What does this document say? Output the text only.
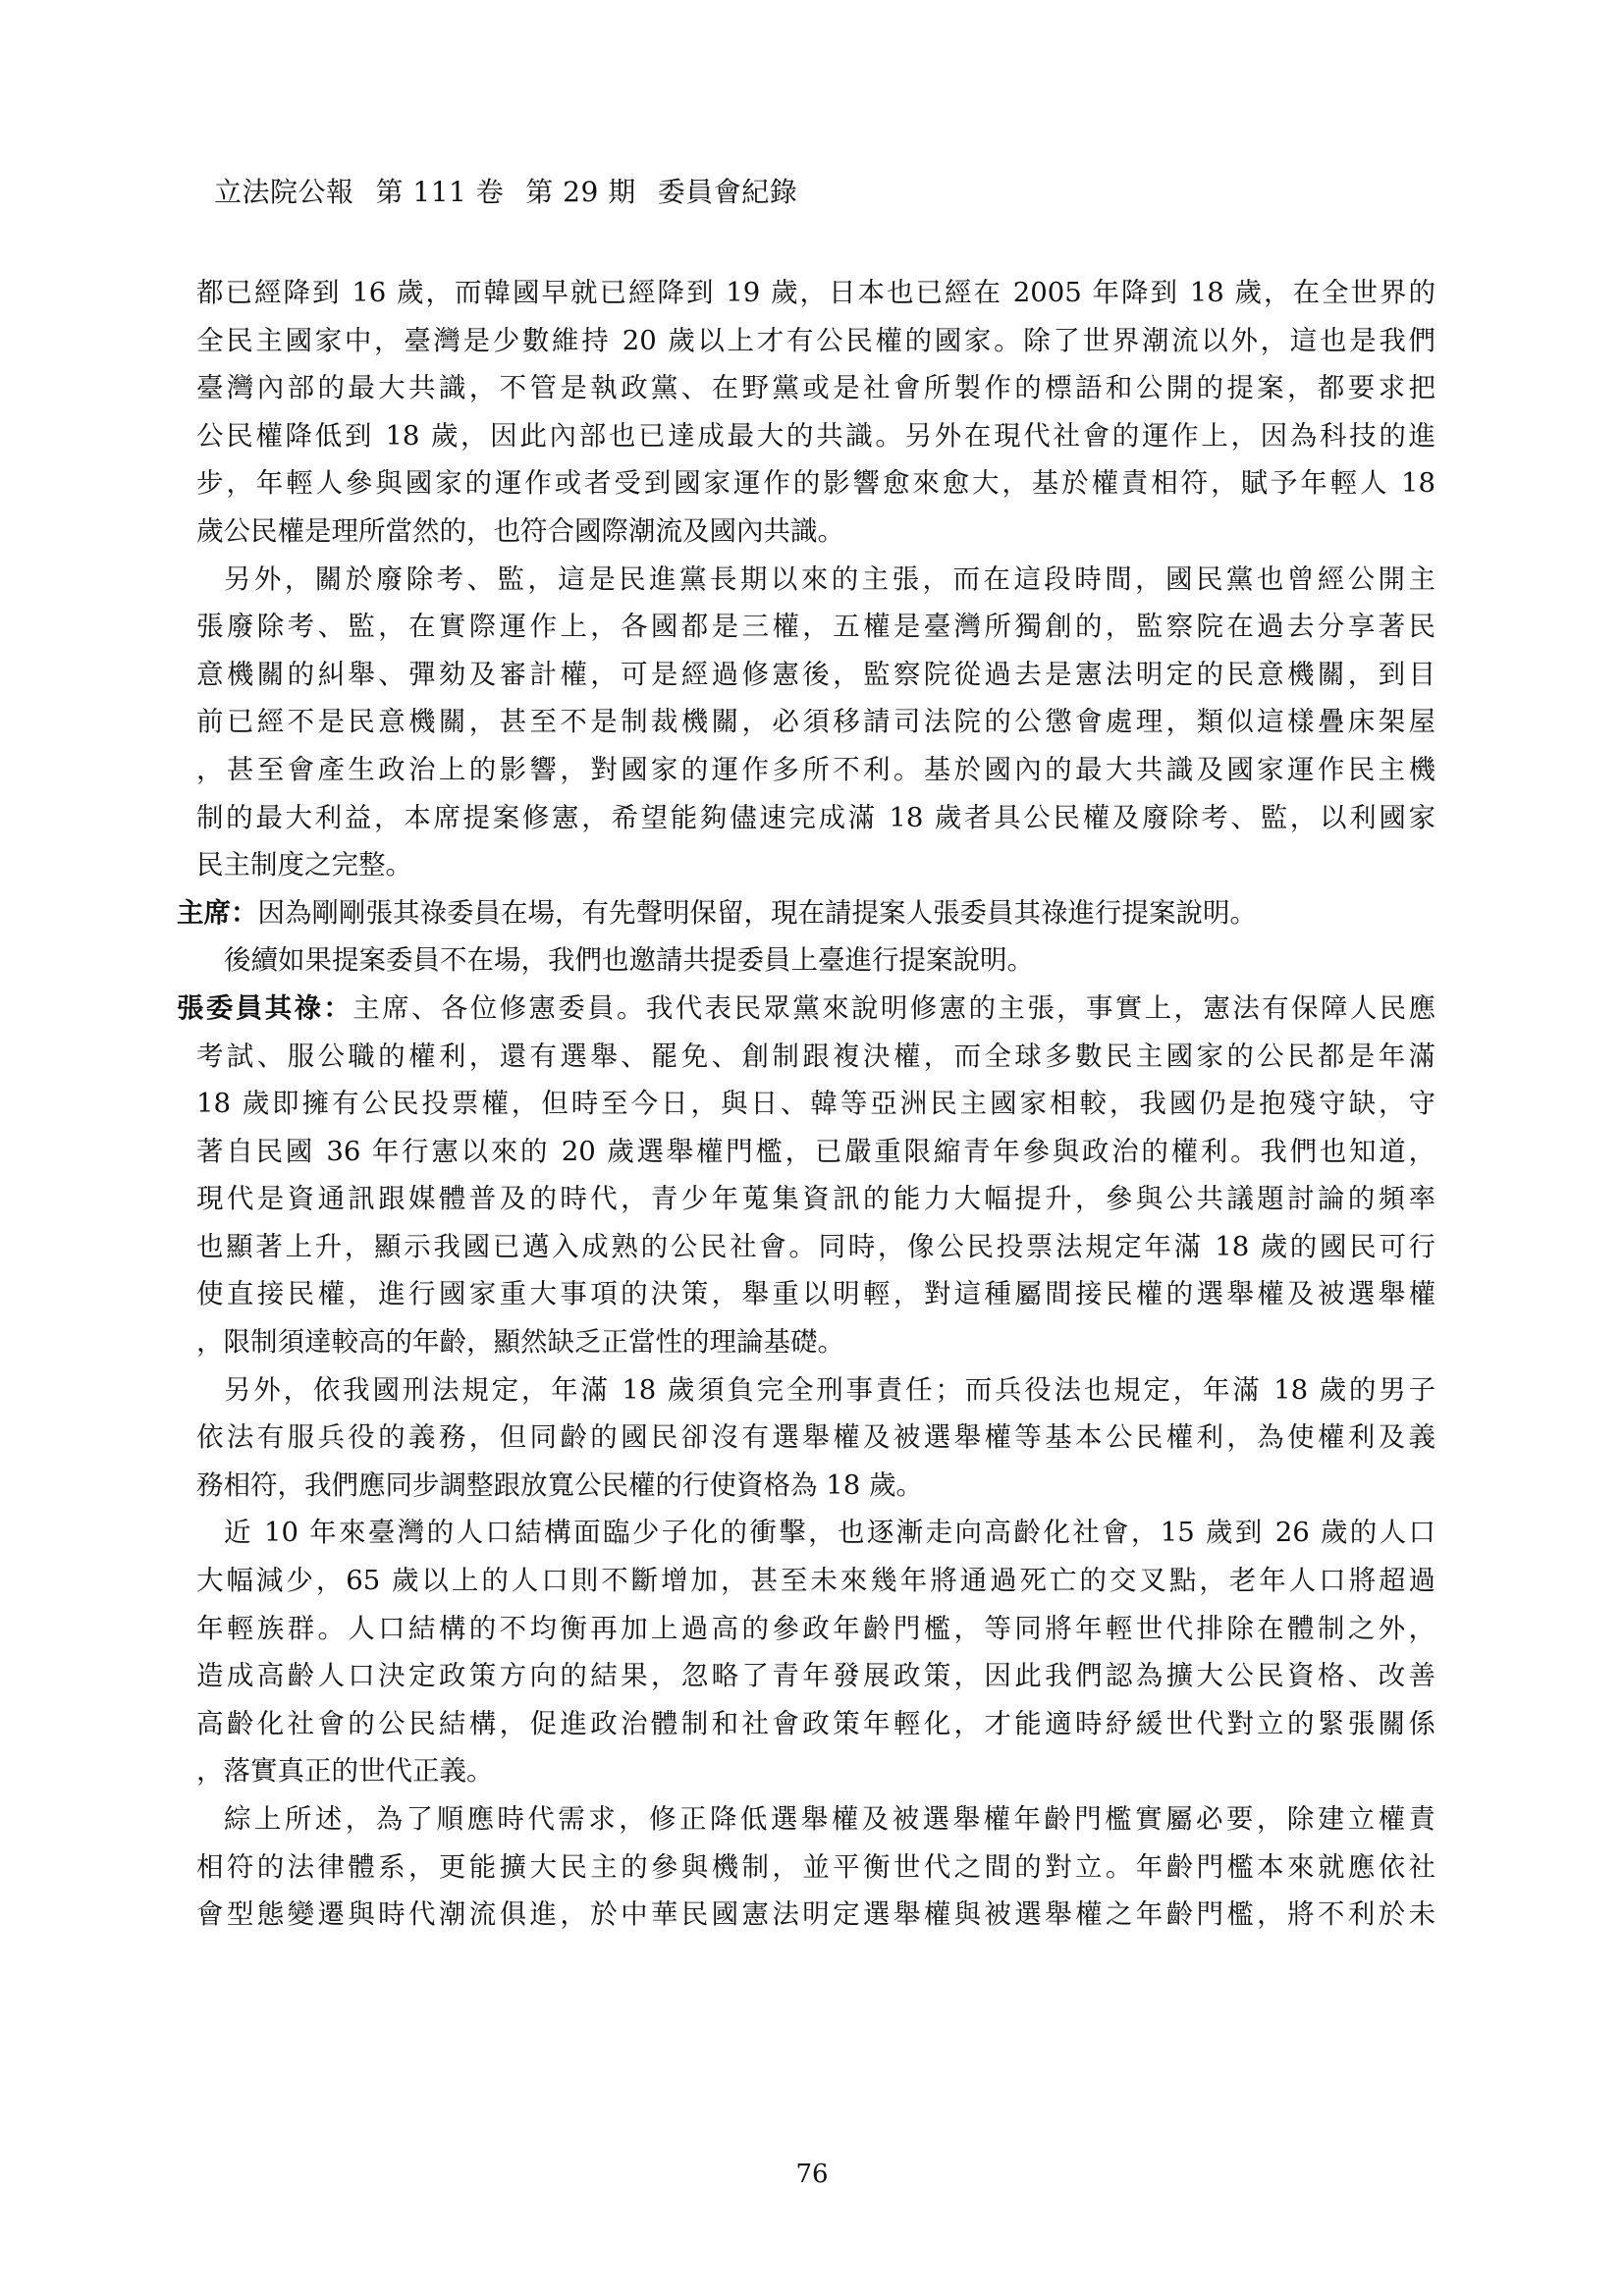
立法院公報 第 111 卷 第 29 期 委員會紀錄
都已經降到 16 歲，而韓國早就已經降到 19 歲，日本也已經在 2005 年降到 18 歲，在全世界的
全民主國家中，臺灣是少數維持 20 歲以上才有公民權的國家。除了世界潮流以外，這也是我們
臺灣內部的最大共識，不管是執政黨、在野黨或是社會所製作的標語和公開的提案，都要求把
公民權降低到 18 歲，因此內部也已達成最大的共識。另外在現代社會的運作上，因為科技的進
步，年輕人參與國家的運作或者受到國家運作的影響愈來愈大，基於權責相符，賦予年輕人 18
歲公民權是理所當然的，也符合國際潮流及國內共識。
另外，關於廢除考、監，這是民進黨長期以來的主張，而在這段時間，國民黨也曾經公開主
張廢除考、監，在實際運作上，各國都是三權，五權是臺灣所獨創的，監察院在過去分享著民
意機關的糾舉、彈劾及審計權，可是經過修憲後，監察院從過去是憲法明定的民意機關，到目
前已經不是民意機關，甚至不是制裁機關，必須移請司法院的公懲會處理，類似這樣疊床架屋
，甚至會產生政治上的影響，對國家的運作多所不利。基於國內的最大共識及國家運作民主機
制的最大利益，本席提案修憲，希望能夠儘速完成滿 18 歲者具公民權及廢除考、監，以利國家
民主制度之完整。
主席：因為剛剛張其祿委員在場，有先聲明保留，現在請提案人張委員其祿進行提案說明。
後續如果提案委員不在場，我們也邀請共提委員上臺進行提案說明。
張委員其祿：主席、各位修憲委員。我代表民眾黨來說明修憲的主張，事實上，憲法有保障人民應
考試、服公職的權利，還有選舉、罷免、創制跟複決權，而全球多數民主國家的公民都是年滿
18 歲即擁有公民投票權，但時至今日，與日、韓等亞洲民主國家相較，我國仍是抱殘守缺，守
著自民國 36 年行憲以來的 20 歲選舉權門檻，已嚴重限縮青年參與政治的權利。我們也知道，
現代是資通訊跟媒體普及的時代，青少年蒐集資訊的能力大幅提升，參與公共議題討論的頻率
也顯著上升，顯示我國已邁入成熟的公民社會。同時，像公民投票法規定年滿 18 歲的國民可行
使直接民權，進行國家重大事項的決策，舉重以明輕，對這種屬間接民權的選舉權及被選舉權
，限制須達較高的年齡，顯然缺乏正當性的理論基礎。
另外，依我國刑法規定，年滿 18 歲須負完全刑事責任；而兵役法也規定，年滿 18 歲的男子
依法有服兵役的義務，但同齡的國民卻沒有選舉權及被選舉權等基本公民權利，為使權利及義
務相符，我們應同步調整跟放寬公民權的行使資格為 18 歲。
近 10 年來臺灣的人口結構面臨少子化的衝擊，也逐漸走向高齡化社會，15 歲到 26 歲的人口
大幅減少，65 歲以上的人口則不斷增加，甚至未來幾年將通過死亡的交叉點，老年人口將超過
年輕族群。人口結構的不均衡再加上過高的參政年齡門檻，等同將年輕世代排除在體制之外，
造成高齡人口決定政策方向的結果，忽略了青年發展政策，因此我們認為擴大公民資格、改善
高齡化社會的公民結構，促進政治體制和社會政策年輕化，才能適時紓緩世代對立的緊張關係
，落實真正的世代正義。
綜上所述，為了順應時代需求，修正降低選舉權及被選舉權年齡門檻實屬必要，除建立權責
相符的法律體系，更能擴大民主的參與機制，並平衡世代之間的對立。年齡門檻本來就應依社
會型態變遷與時代潮流俱進，於中華民國憲法明定選舉權與被選舉權之年齡門檻，將不利於未
76
